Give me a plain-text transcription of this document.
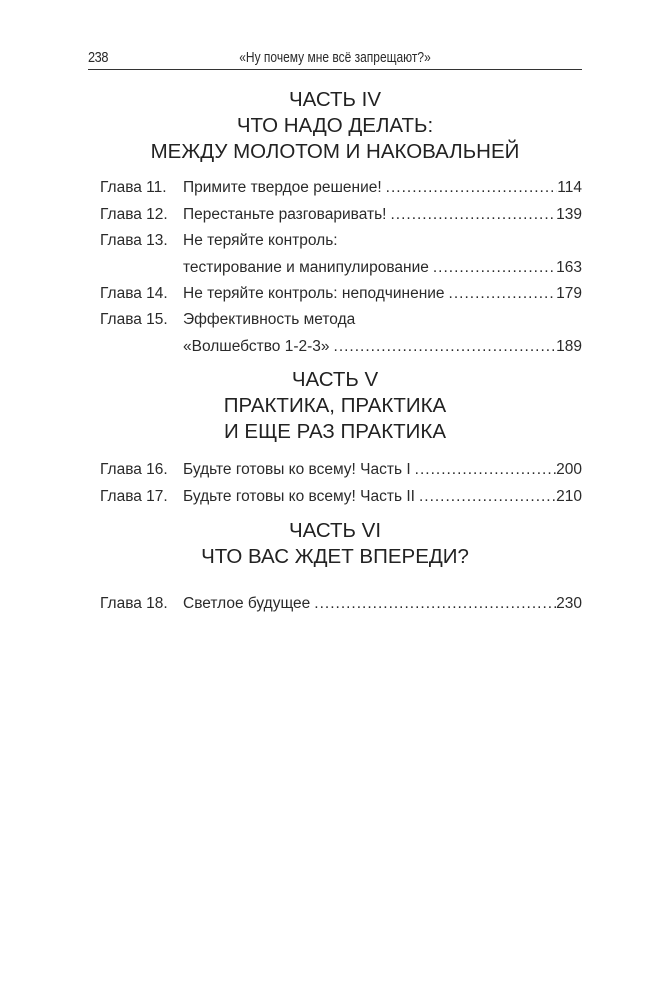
238	«Ну почему мне всё запрещают?»
ЧАСТЬ IV
ЧТО НАДО ДЕЛАТЬ:
МЕЖДУ МОЛОТОМ И НАКОВАЛЬНЕЙ
Глава 11.	Примите твердое решение! .....	114
Глава 12. Перестаньте разговаривать! .....	139
Глава 13. Не теряйте контроль:
тестирование и манипулирование .....	163
Глава 14. Не теряйте контроль: неподчинение .....	179
Глава 15. Эффективность метода
«Волшебство 1-2-3» .....	189
ЧАСТЬ V
ПРАКТИКА, ПРАКТИКА
И ЕЩЕ РАЗ ПРАКТИКА
Глава 16. Будьте готовы ко всему! Часть I .....	200
Глава 17. Будьте готовы ко всему! Часть II .....	210
ЧАСТЬ VI
ЧТО ВАС ЖДЕТ ВПЕРЕДИ?
Глава 18. Светлое будущее .....	230
